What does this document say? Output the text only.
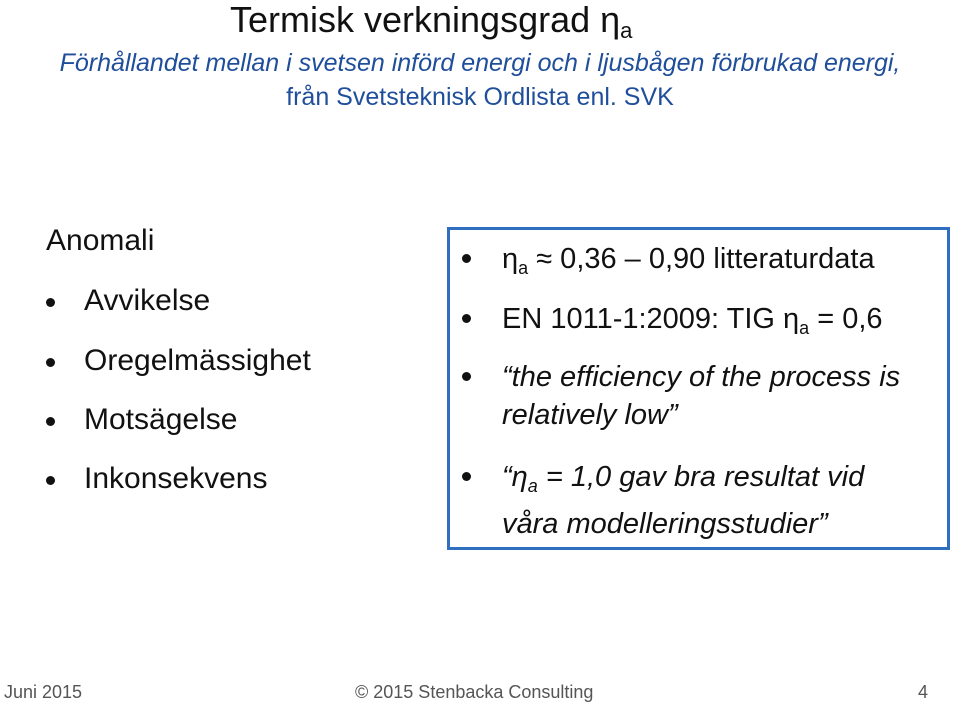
Termisk verkningsgrad $\eta_a$
Förhållandet mellan i svetsen införd energi och i ljusbågen förbrukad energi,
från Svetsteknisk Ordlista enl. SVK
Anomali
Avvikelse
Oregelmässighet
Motsägelse
Inkonsekvens
$\eta_a \approx 0,36 - 0,90$ litteraturdata
EN 1011-1:2009: TIG $\eta_a = 0,6$
“the efficiency of the process is
relatively low”
“$\eta_a = 1,0$ gav bra resultat vid
våra modelleringsstudier”
Juni 2015	© 2015 Stenbacka Consulting	4
